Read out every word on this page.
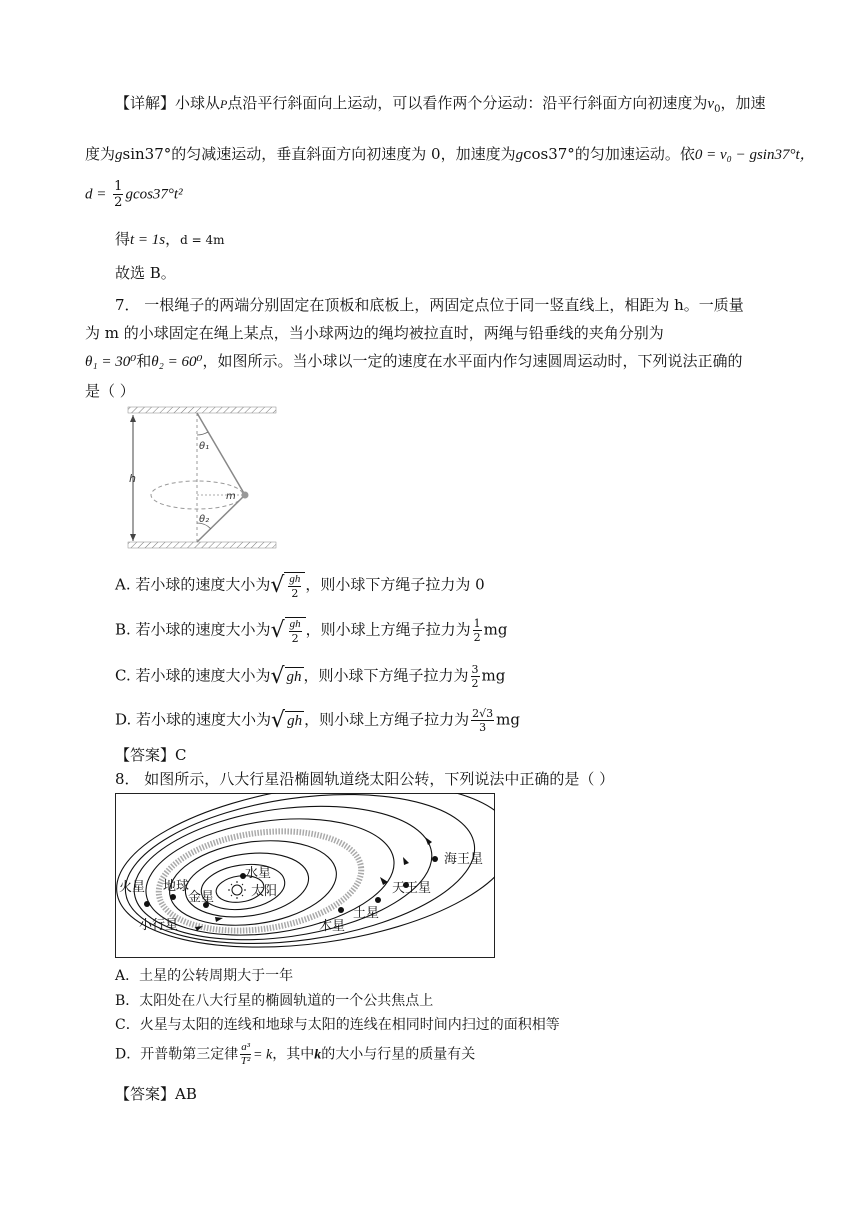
【详解】小球从P点沿平行斜面向上运动，可以看作两个分运动：沿平行斜面方向初速度为$v_0$，加速
度为gsin37°的匀减速运动，垂直斜面方向初速度为 0，加速度为gcos37°的匀加速运动。依0 = v₀ − gsin37°t，
$d = \frac{1}{2} gcos37^\circ t^2$
得t = 1s，d = 4m
故选 B。
7． 一根绳子的两端分别固定在顶板和底板上，两固定点位于同一竖直线上，相距为 h。一质量
为 m 的小球固定在绳上某点，当小球两边的绳均被拉直时，两绳与铅垂线的夹角分别为
θ₁ = 30⁰和θ₂ = 60⁰，如图所示。当小球以一定的速度在水平面内作匀速圆周运动时，下列说法正确的
是（ ）
h
θ₁
θ₂
m
A. 若小球的速度大小为√ $\frac{gh}{2}$ ，则小球下方绳子拉力为 0
B. 若小球的速度大小为√ $\frac{gh}{2}$ ，则小球上方绳子拉力为 $\frac{1}{2}$ mg
C. 若小球的速度大小为√ gh ，则小球下方绳子拉力为 $\frac{3}{2}$ mg
D. 若小球的速度大小为√ gh ，则小球上方绳子拉力为 $\frac{2√3}{3}$ mg
【答案】C
8． 如图所示，八大行星沿椭圆轨道绕太阳公转，下列说法中正确的是（ ）
火星 地球
金星
水星
太阳
小行星	木星
土星
天王星
海王星
A．土星的公转周期大于一年
B．太阳处在八大行星的椭圆轨道的一个公共焦点上
C．火星与太阳的连线和地球与太阳的连线在相同时间内扫过的面积相等
D．开普勒第三定律 $\frac{\text{a³}}{\text{T²}} = k$，其中k的大小与行星的质量有关
【答案】AB
